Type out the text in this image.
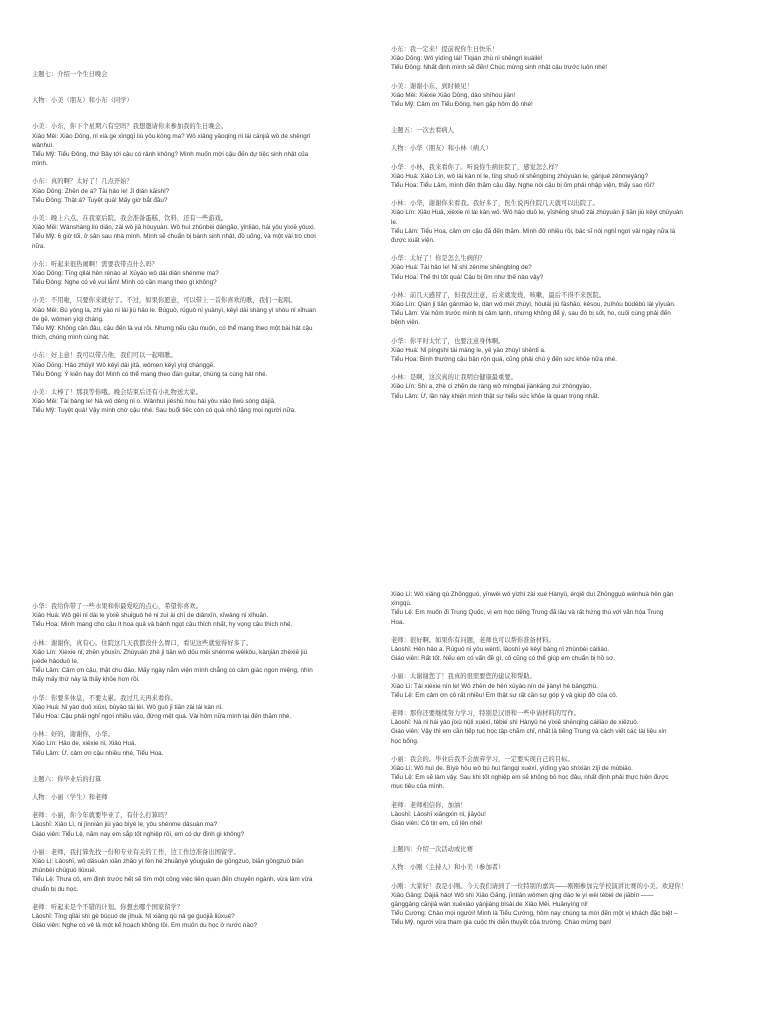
主题七：介绍一个生日晚会
人物：小美（朋友）和小东（同学）
小美：小东，你下个星期六有空吗？我想邀请你来参加我的生日晚会。
Xiǎo Měi: Xiǎo Dōng, nǐ xià ge xīngqī liù yǒu kòng ma? Wǒ xiǎng yāoqǐng nǐ lái cānjiā wǒ de shēngrì
wǎnhuì.
Tiểu Mỹ: Tiểu Đông, thứ Bảy tới cậu có rảnh không? Mình muốn mời cậu đến dự tiệc sinh nhật của
mình.
小东：真的啊？太好了！几点开始？
Xiǎo Dōng: Zhēn de a? Tài hǎo le! Jǐ diǎn kāishǐ?
Tiểu Đông: Thật á? Tuyệt quá! Mấy giờ bắt đầu?
小美：晚上六点。在我家后院。我会准备蛋糕、饮料，还有一些游戏。
Xiǎo Měi: Wǎnshàng liù diǎn, zài wǒ jiā hòuyuàn. Wǒ huì zhǔnbèi dàngāo, yǐnliào, hái yǒu yìxiē yóuxì.
Tiểu Mỹ: 6 giờ tối, ở sân sau nhà mình. Mình sẽ chuẩn bị bánh sinh nhật, đồ uống, và một vài trò chơi
nữa.
小东：听起来很热闹啊！需要我带点什么吗？
Xiǎo Dōng: Tīng qǐlái hěn rènào a! Xūyào wǒ dài diǎn shénme ma?
Tiểu Đông: Nghe có vẻ vui lắm! Mình có cần mang theo gì không?
小美：不用啦，只要你来就好了。不过，如果你愿意，可以带上一首你喜欢的歌，我们一起唱。
Xiǎo Měi: Bú yòng la, zhǐ yào nǐ lái jiù hǎo le. Búguò, rúguǒ nǐ yuànyì, kěyǐ dài shàng yì shǒu nǐ xǐhuan
de gē, wǒmen yìqǐ chàng.
Tiểu Mỹ: Không cần đâu, cậu đến là vui rồi. Nhưng nếu cậu muốn, có thể mang theo một bài hát cậu
thích, chúng mình cùng hát.
小东：好主意！我可以带吉他，我们可以一起唱歌。
Xiǎo Dōng: Hǎo zhǔyi! Wǒ kěyǐ dài jítā, wǒmen kěyǐ yìqǐ chànggē.
Tiểu Đông: Ý kiến hay đó! Mình có thể mang theo đàn guitar, chúng ta cùng hát nhé.
小美：太棒了！那我等你哦。晚会结束后还有小礼物送大家。
Xiǎo Měi: Tài bàng le! Nà wǒ děng nǐ o. Wǎnhuì jiéshù hòu hái yǒu xiǎo lǐwù sòng dàjiā.
Tiểu Mỹ: Tuyệt quá! Vậy mình chờ cậu nhé. Sau buổi tiệc còn có quà nhỏ tặng mọi người nữa.
小东：我一定来！提前祝你生日快乐！
Xiǎo Dōng: Wǒ yídìng lái! Tíqián zhù nǐ shēngrì kuàilè!
Tiểu Đông: Nhất định mình sẽ đến! Chúc mừng sinh nhật cậu trước luôn nhé!
小美：谢谢小东，到时候见！
Xiǎo Měi: Xièxie Xiǎo Dōng, dào shíhou jiàn!
Tiểu Mỹ: Cảm ơn Tiểu Đông, hẹn gặp hôm đó nhé!
主题五：一次去看病人
人物：小华（朋友）和小林（病人）
小华：小林，我来看你了。听说你生病住院了，感觉怎么样？
Xiǎo Huá: Xiǎo Lín, wǒ lái kàn nǐ le, tīng shuō nǐ shēngbìng zhùyuàn le, gǎnjué zěnmeyàng?
Tiểu Hoa: Tiểu Lâm, mình đến thăm cậu đây. Nghe nói cậu bị ốm phải nhập viện, thấy sao rồi?
小林：小华，谢谢你来看我。我好多了，医生说再住院几天就可以出院了。
Xiǎo Lín: Xiǎo Huá, xièxie nǐ lái kàn wǒ. Wǒ hǎo duō le, yīshēng shuō zài zhùyuàn jǐ tiān jiù kěyǐ chūyuàn
le.
Tiểu Lâm: Tiểu Hoa, cảm ơn cậu đã đến thăm. Mình đỡ nhiều rồi, bác sĩ nói nghỉ ngơi vài ngày nữa là
được xuất viện.
小华：太好了！你是怎么生病的？
Xiǎo Huá: Tài hǎo le! Nǐ shì zěnme shēngbìng de?
Tiểu Hoa: Thế thì tốt quá! Cậu bị ốm như thế nào vậy?
小林：前几天感冒了，但我没注意，后来就发烧、咳嗽，最后不得不来医院。
Xiǎo Lín: Qián jǐ tiān gǎnmào le, dàn wǒ méi zhùyì, hòulái jiù fāshāo, késou, zuìhòu bùdébù lái yīyuàn.
Tiểu Lâm: Vài hôm trước mình bị cảm lạnh, nhưng không để ý, sau đó bị sốt, ho, cuối cùng phải đến
bệnh viện.
小华：你平时太忙了，也要注意身体啊。
Xiǎo Huá: Nǐ píngshí tài máng le, yě yào zhùyì shēntǐ a.
Tiểu Hoa: Bình thường cậu bận rộn quá, cũng phải chú ý đến sức khỏe nữa nhé.
小林：是啊，这次真的让我明白健康最重要。
Xiǎo Lín: Shì a, zhè cì zhēn de ràng wǒ míngbai jiànkāng zuì zhòngyào.
Tiểu Lâm: Ừ, lần này khiến mình thật sự hiểu sức khỏe là quan trọng nhất.
小华：我给你带了一些水果和你最爱吃的点心，希望你喜欢。
Xiǎo Huá: Wǒ gěi nǐ dài le yìxiē shuǐguǒ hé nǐ zuì ài chī de diǎnxīn, xīwàng nǐ xǐhuān.
Tiểu Hoa: Mình mang cho cậu ít hoa quả và bánh ngọt cậu thích nhất, hy vọng cậu thích nhé.
小林：谢谢你，真有心。住院这几天我都没什么胃口，看见这些就觉得好多了。
Xiǎo Lín: Xièxie nǐ, zhēn yǒuxīn. Zhùyuàn zhè jǐ tiān wǒ dōu méi shénme wèikǒu, kànjiàn zhèxiē jiù
juéde hǎoduō le.
Tiểu Lâm: Cảm ơn cậu, thật chu đáo. Mấy ngày nằm viện mình chẳng có cảm giác ngon miệng, nhìn
thấy mấy thứ này là thấy khỏe hơn rồi.
小华：你要多休息，不要太累。我过几天再来看你。
Xiǎo Huá: Nǐ yào duō xiūxi, bùyào tài lèi. Wǒ guò jǐ tiān zài lái kàn nǐ.
Tiểu Hoa: Cậu phải nghỉ ngơi nhiều vào, đừng mệt quá. Vài hôm nữa mình lại đến thăm nhé.
小林：好的，谢谢你，小华。
Xiǎo Lín: Hǎo de, xièxie nǐ, Xiǎo Huá.
Tiểu Lâm: Ừ, cảm ơn cậu nhiều nhé, Tiểu Hoa.
主题六：你毕业后的打算
人物：小丽（学生）和老师
老师：小丽，你今年就要毕业了，有什么打算吗？
Lǎoshī: Xiǎo Lì, nǐ jīnnián jiù yào bìyè le, yǒu shénme dǎsuàn ma?
Giáo viên: Tiểu Lệ, năm nay em sắp tốt nghiệp rồi, em có dự định gì không?
小丽：老师，我打算先找一份和专业有关的工作，边工作边准备出国留学。
Xiǎo Lì: Lǎoshī, wǒ dǎsuàn xiān zhǎo yí fèn hé zhuānyè yǒuguān de gōngzuò, biān gōngzuò biān
zhǔnbèi chūguó liúxué.
Tiểu Lệ: Thưa cô, em định trước hết sẽ tìm một công việc liên quan đến chuyên ngành, vừa làm vừa
chuẩn bị du học.
老师：听起来是个不错的计划。你想去哪个国家留学？
Lǎoshī: Tīng qǐlái shì gè búcuò de jìhuà. Nǐ xiǎng qù nǎ ge guójiā liúxué?
Giáo viên: Nghe có vẻ là một kế hoạch không tồi. Em muốn du học ở nước nào?
Xiǎo Lì: Wǒ xiǎng qù Zhōngguó, yīnwèi wǒ yìzhí zài xué Hànyǔ, érqiě duì Zhōngguó wénhuà hěn gǎn
xìngqù.
Tiểu Lệ: Em muốn đi Trung Quốc, vì em học tiếng Trung đã lâu và rất hứng thú với văn hóa Trung
Hoa.
老师：很好啊。如果你有问题，老师也可以帮你准备材料。
Lǎoshī: Hěn hǎo a. Rúguǒ nǐ yǒu wèntí, lǎoshī yě kěyǐ bāng nǐ zhǔnbèi cáiliào.
Giáo viên: Rất tốt. Nếu em có vấn đề gì, cô cũng có thể giúp em chuẩn bị hồ sơ.
小丽：太谢谢您了！我真的很需要您的建议和帮助。
Xiǎo Lì: Tài xièxie nín le! Wǒ zhēn de hěn xūyào nín de jiànyì hé bāngzhù.
Tiểu Lệ: Em cảm ơn cô rất nhiều! Em thật sự rất cần sự góp ý và giúp đỡ của cô.
老师：那你还要继续努力学习，特别是汉语和一些申请材料的写作。
Lǎoshī: Nà nǐ hái yào jìxù nǔlì xuéxí, tèbié shì Hànyǔ hé yìxiē shēnqǐng cáiliào de xiězuò.
Giáo viên: Vậy thì em cần tiếp tục học tập chăm chỉ, nhất là tiếng Trung và cách viết các tài liệu xin
học bổng.
小丽：我会的。毕业后我不会放弃学习，一定要实现自己的目标。
Xiǎo Lì: Wǒ huì de. Bìyè hòu wǒ bú huì fàngqì xuéxí, yídìng yào shíxiàn zìjǐ de mùbiāo.
Tiểu Lệ: Em sẽ làm vậy. Sau khi tốt nghiệp em sẽ không bỏ học đâu, nhất định phải thực hiện được
mục tiêu của mình.
老师：老师相信你，加油！
Lǎoshī: Lǎoshī xiāngxìn nǐ, jiāyóu!
Giáo viên: Cô tin em, cố lên nhé!
主题四：介绍一次活动或比赛
人物：小刚（主持人）和小美（参加者）
小刚：大家好！我是小刚。今天我们请到了一位特别的嘉宾——刚刚参加完学校演讲比赛的小美。欢迎你！
Xiǎo Gāng: Dàjiā hǎo! Wǒ shì Xiǎo Gāng, jīntiān wǒmen qǐng dào le yí wèi tèbié de jiābīn ——
gānggāng cānjiā wán xuéxiào yǎnjiǎng bǐsài de Xiǎo Měi. Huānyíng nǐ!
Tiểu Cường: Chào mọi người! Mình là Tiểu Cường, hôm nay chúng ta mời đến một vị khách đặc biệt –
Tiểu Mỹ, người vừa tham gia cuộc thi diễn thuyết của trường. Chào mừng bạn!
